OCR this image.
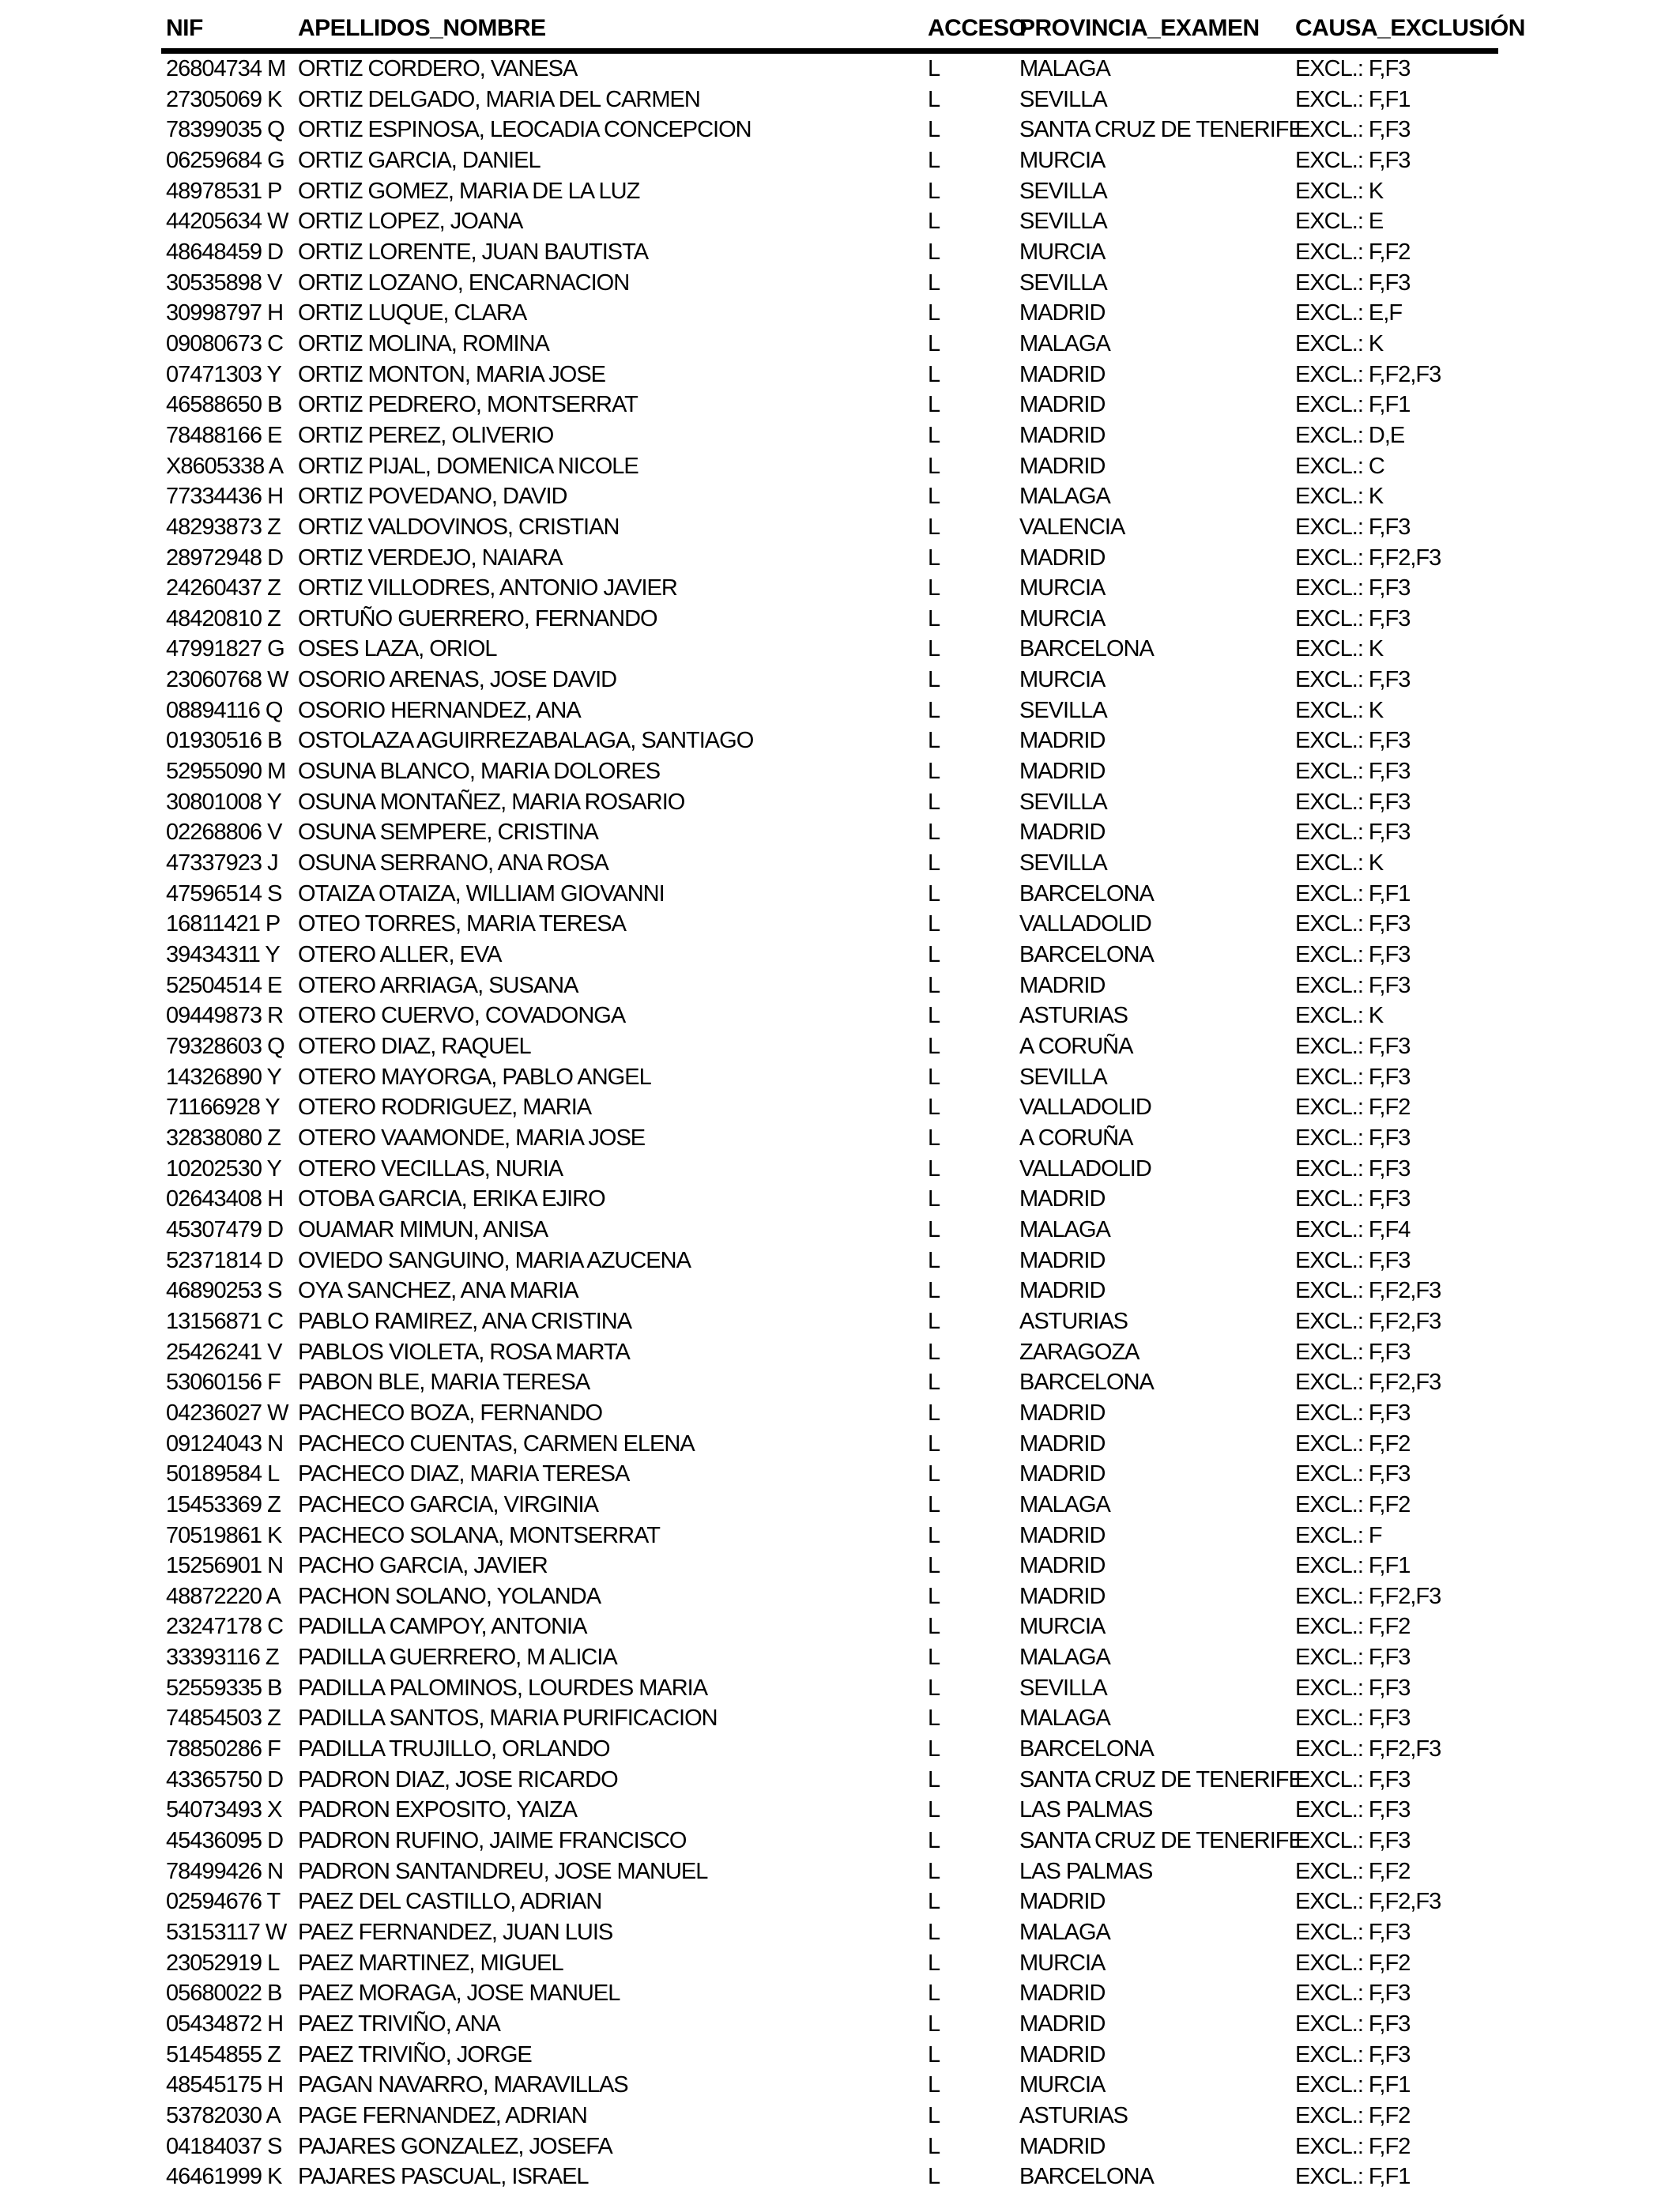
NIF	APELLIDOS_NOMBRE	ACCESO	PROVINCIA_EXAMEN	CAUSA_EXCLUSIÓN
26804734 M	ORTIZ CORDERO, VANESA	L	MALAGA	EXCL.: F,F3
27305069 K	ORTIZ DELGADO, MARIA DEL CARMEN	L	SEVILLA	EXCL.: F,F1
78399035 Q	ORTIZ ESPINOSA, LEOCADIA CONCEPCION	L	SANTA CRUZ DE TENERIFE	EXCL.: F,F3
06259684 G	ORTIZ GARCIA, DANIEL	L	MURCIA	EXCL.: F,F3
48978531 P	ORTIZ GOMEZ, MARIA DE LA LUZ	L	SEVILLA	EXCL.: K
44205634 W	ORTIZ LOPEZ, JOANA	L	SEVILLA	EXCL.: E
48648459 D	ORTIZ LORENTE, JUAN BAUTISTA	L	MURCIA	EXCL.: F,F2
30535898 V	ORTIZ LOZANO, ENCARNACION	L	SEVILLA	EXCL.: F,F3
30998797 H	ORTIZ LUQUE, CLARA	L	MADRID	EXCL.: E,F
09080673 C	ORTIZ MOLINA, ROMINA	L	MALAGA	EXCL.: K
07471303 Y	ORTIZ MONTON, MARIA JOSE	L	MADRID	EXCL.: F,F2,F3
46588650 B	ORTIZ PEDRERO, MONTSERRAT	L	MADRID	EXCL.: F,F1
78488166 E	ORTIZ PEREZ, OLIVERIO	L	MADRID	EXCL.: D,E
X8605338 A	ORTIZ PIJAL, DOMENICA NICOLE	L	MADRID	EXCL.: C
77334436 H	ORTIZ POVEDANO, DAVID	L	MALAGA	EXCL.: K
48293873 Z	ORTIZ VALDOVINOS, CRISTIAN	L	VALENCIA	EXCL.: F,F3
28972948 D	ORTIZ VERDEJO, NAIARA	L	MADRID	EXCL.: F,F2,F3
24260437 Z	ORTIZ VILLODRES, ANTONIO JAVIER	L	MURCIA	EXCL.: F,F3
48420810 Z	ORTUÑO GUERRERO, FERNANDO	L	MURCIA	EXCL.: F,F3
47991827 G	OSES LAZA, ORIOL	L	BARCELONA	EXCL.: K
23060768 W	OSORIO ARENAS, JOSE DAVID	L	MURCIA	EXCL.: F,F3
08894116 Q	OSORIO HERNANDEZ, ANA	L	SEVILLA	EXCL.: K
01930516 B	OSTOLAZA AGUIRREZABALAGA, SANTIAGO	L	MADRID	EXCL.: F,F3
52955090 M	OSUNA BLANCO, MARIA DOLORES	L	MADRID	EXCL.: F,F3
30801008 Y	OSUNA MONTAÑEZ, MARIA ROSARIO	L	SEVILLA	EXCL.: F,F3
02268806 V	OSUNA SEMPERE, CRISTINA	L	MADRID	EXCL.: F,F3
47337923 J	OSUNA SERRANO, ANA ROSA	L	SEVILLA	EXCL.: K
47596514 S	OTAIZA OTAIZA, WILLIAM GIOVANNI	L	BARCELONA	EXCL.: F,F1
16811421 P	OTEO TORRES, MARIA TERESA	L	VALLADOLID	EXCL.: F,F3
39434311 Y	OTERO ALLER, EVA	L	BARCELONA	EXCL.: F,F3
52504514 E	OTERO ARRIAGA, SUSANA	L	MADRID	EXCL.: F,F3
09449873 R	OTERO CUERVO, COVADONGA	L	ASTURIAS	EXCL.: K
79328603 Q	OTERO DIAZ, RAQUEL	L	A CORUÑA	EXCL.: F,F3
14326890 Y	OTERO MAYORGA, PABLO ANGEL	L	SEVILLA	EXCL.: F,F3
71166928 Y	OTERO RODRIGUEZ, MARIA	L	VALLADOLID	EXCL.: F,F2
32838080 Z	OTERO VAAMONDE, MARIA JOSE	L	A CORUÑA	EXCL.: F,F3
10202530 Y	OTERO VECILLAS, NURIA	L	VALLADOLID	EXCL.: F,F3
02643408 H	OTOBA GARCIA, ERIKA EJIRO	L	MADRID	EXCL.: F,F3
45307479 D	OUAMAR MIMUN, ANISA	L	MALAGA	EXCL.: F,F4
52371814 D	OVIEDO SANGUINO, MARIA AZUCENA	L	MADRID	EXCL.: F,F3
46890253 S	OYA SANCHEZ, ANA MARIA	L	MADRID	EXCL.: F,F2,F3
13156871 C	PABLO RAMIREZ, ANA CRISTINA	L	ASTURIAS	EXCL.: F,F2,F3
25426241 V	PABLOS VIOLETA, ROSA MARTA	L	ZARAGOZA	EXCL.: F,F3
53060156 F	PABON BLE, MARIA TERESA	L	BARCELONA	EXCL.: F,F2,F3
04236027 W	PACHECO BOZA, FERNANDO	L	MADRID	EXCL.: F,F3
09124043 N	PACHECO CUENTAS, CARMEN ELENA	L	MADRID	EXCL.: F,F2
50189584 L	PACHECO DIAZ, MARIA TERESA	L	MADRID	EXCL.: F,F3
15453369 Z	PACHECO GARCIA, VIRGINIA	L	MALAGA	EXCL.: F,F2
70519861 K	PACHECO SOLANA, MONTSERRAT	L	MADRID	EXCL.: F
15256901 N	PACHO GARCIA, JAVIER	L	MADRID	EXCL.: F,F1
48872220 A	PACHON SOLANO, YOLANDA	L	MADRID	EXCL.: F,F2,F3
23247178 C	PADILLA CAMPOY, ANTONIA	L	MURCIA	EXCL.: F,F2
33393116 Z	PADILLA GUERRERO, M ALICIA	L	MALAGA	EXCL.: F,F3
52559335 B	PADILLA PALOMINOS, LOURDES MARIA	L	SEVILLA	EXCL.: F,F3
74854503 Z	PADILLA SANTOS, MARIA PURIFICACION	L	MALAGA	EXCL.: F,F3
78850286 F	PADILLA TRUJILLO, ORLANDO	L	BARCELONA	EXCL.: F,F2,F3
43365750 D	PADRON DIAZ, JOSE RICARDO	L	SANTA CRUZ DE TENERIFE	EXCL.: F,F3
54073493 X	PADRON EXPOSITO, YAIZA	L	LAS PALMAS	EXCL.: F,F3
45436095 D	PADRON RUFINO, JAIME FRANCISCO	L	SANTA CRUZ DE TENERIFE	EXCL.: F,F3
78499426 N	PADRON SANTANDREU, JOSE MANUEL	L	LAS PALMAS	EXCL.: F,F2
02594676 T	PAEZ DEL CASTILLO, ADRIAN	L	MADRID	EXCL.: F,F2,F3
53153117 W	PAEZ FERNANDEZ, JUAN LUIS	L	MALAGA	EXCL.: F,F3
23052919 L	PAEZ MARTINEZ, MIGUEL	L	MURCIA	EXCL.: F,F2
05680022 B	PAEZ MORAGA, JOSE MANUEL	L	MADRID	EXCL.: F,F3
05434872 H	PAEZ TRIVIÑO, ANA	L	MADRID	EXCL.: F,F3
51454855 Z	PAEZ TRIVIÑO, JORGE	L	MADRID	EXCL.: F,F3
48545175 H	PAGAN NAVARRO, MARAVILLAS	L	MURCIA	EXCL.: F,F1
53782030 A	PAGE FERNANDEZ, ADRIAN	L	ASTURIAS	EXCL.: F,F2
04184037 S	PAJARES GONZALEZ, JOSEFA	L	MADRID	EXCL.: F,F2
46461999 K	PAJARES PASCUAL, ISRAEL	L	BARCELONA	EXCL.: F,F1
